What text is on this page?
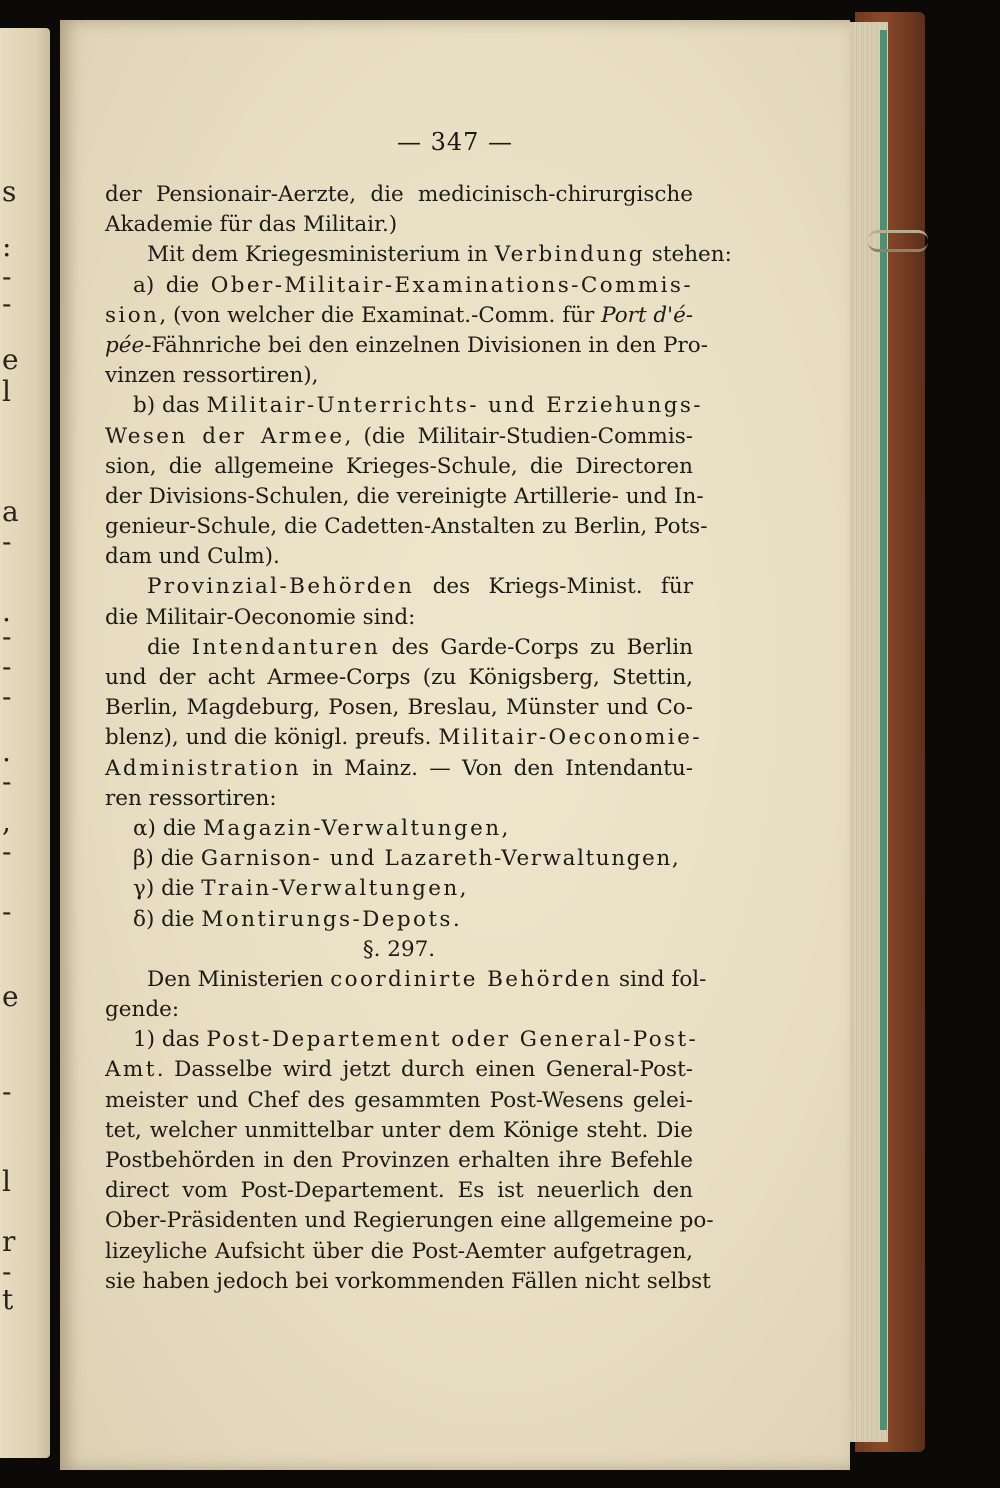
s
:
-
-
e
l
a
-
.
-
-
-
.
-
,
-
-
e
-
l
r
-
t
— 347 —
der Pensionair-Aerzte, die medicinisch-chirurgische
Akademie für das Militair.)
Mit dem Kriegesministerium in Verbindung stehen:
a) die Ober-Militair-Examinations-Commis-
sion, (von welcher die Examinat.-Comm. für Port d'é-
pée-Fähnriche bei den einzelnen Divisionen in den Pro-
vinzen ressortiren),
b) das Militair-Unterrichts- und Erziehungs-
Wesen der Armee, (die Militair-Studien-Commis-
sion, die allgemeine Krieges-Schule, die Directoren
der Divisions-Schulen, die vereinigte Artillerie- und In-
genieur-Schule, die Cadetten-Anstalten zu Berlin, Pots-
dam und Culm).
Provinzial-Behörden des Kriegs-Minist. für
die Militair-Oeconomie sind:
die Intendanturen des Garde-Corps zu Berlin
und der acht Armee-Corps (zu Königsberg, Stettin,
Berlin, Magdeburg, Posen, Breslau, Münster und Co-
blenz), und die königl. preufs. Militair-Oeconomie-
Administration in Mainz. — Von den Intendantu-
ren ressortiren:
α) die Magazin-Verwaltungen,
β) die Garnison- und Lazareth-Verwaltungen,
γ) die Train-Verwaltungen,
δ) die Montirungs-Depots.
§. 297.
Den Ministerien coordinirte Behörden sind fol-
gende:
1) das Post-Departement oder General-Post-
Amt. Dasselbe wird jetzt durch einen General-Post-
meister und Chef des gesammten Post-Wesens gelei-
tet, welcher unmittelbar unter dem Könige steht. Die
Postbehörden in den Provinzen erhalten ihre Befehle
direct vom Post-Departement. Es ist neuerlich den
Ober-Präsidenten und Regierungen eine allgemeine po-
lizeyliche Aufsicht über die Post-Aemter aufgetragen,
sie haben jedoch bei vorkommenden Fällen nicht selbst
